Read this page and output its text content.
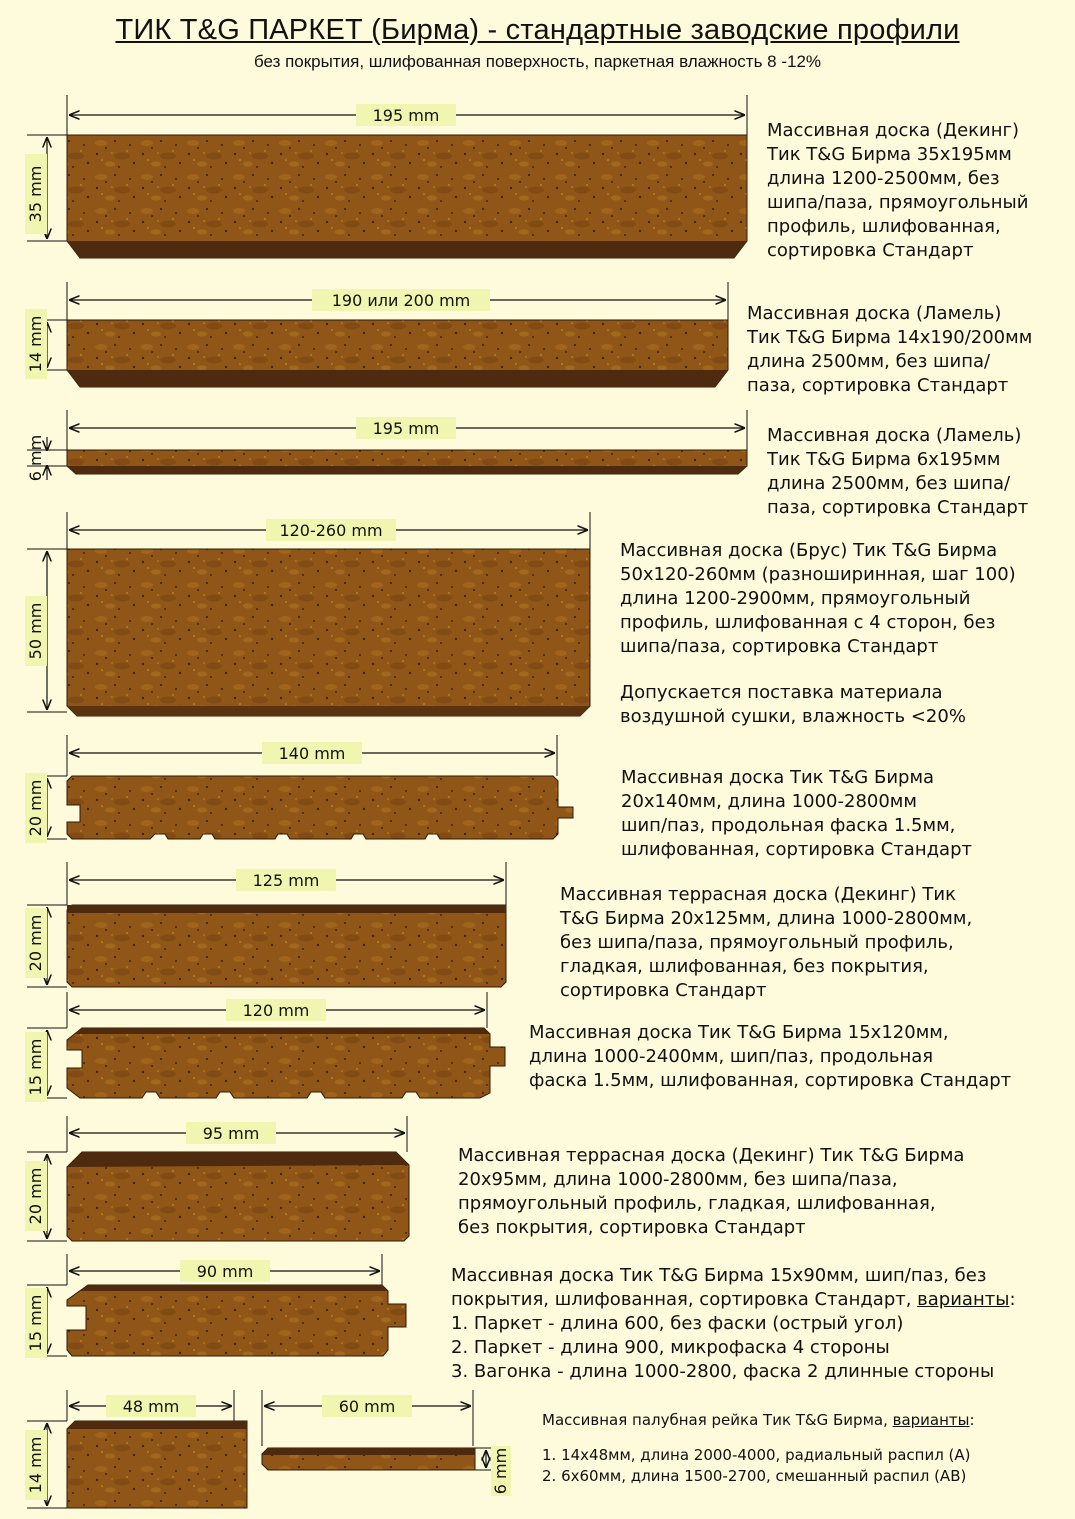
ТИК T&G ПАРКЕТ (Бирма) - стандартные заводские профили
без покрытия, шлифованная поверхность, паркетная влажность 8 -12%
195 mm
35 mm
190 или 200 mm
14 mm
195 mm
6 mm
120-260 mm
50 mm
140 mm
20 mm
125 mm
20 mm
120 mm
15 mm
95 mm
20 mm
90 mm
15 mm
48 mm	60 mm
14 mm	6 mm
Массивная доска (Декинг)
Тик T&G Бирма 35х195мм
длина 1200-2500мм, без
шипа/паза, прямоугольный
профиль, шлифованная,
сортировка Стандарт
Массивная доска (Ламель)
Тик T&G Бирма 14х190/200мм
длина 2500мм, без шипа/
паза, сортировка Стандарт
Массивная доска (Ламель)
Тик T&G Бирма 6х195мм
длина 2500мм, без шипа/
паза, сортировка Стандарт
Массивная доска (Брус) Тик T&G Бирма
50х120-260мм (разноширинная, шаг 100)
длина 1200-2900мм, прямоугольный
профиль, шлифованная с 4 сторон, без
шипа/паза, сортировка Стандарт
Допускается поставка материала
воздушной сушки, влажность <20%
Массивная доска Тик T&G Бирма
20х140мм, длина 1000-2800мм
шип/паз, продольная фаска 1.5мм,
шлифованная, сортировка Стандарт
Массивная террасная доска (Декинг) Тик
T&G Бирма 20х125мм, длина 1000-2800мм,
без шипа/паза, прямоугольный профиль,
гладкая, шлифованная, без покрытия,
сортировка Стандарт
Массивная доска Тик T&G Бирма 15х120мм,
длина 1000-2400мм, шип/паз, продольная
фаска 1.5мм, шлифованная, сортировка Стандарт
Массивная террасная доска (Декинг) Тик T&G Бирма
20х95мм, длина 1000-2800мм, без шипа/паза,
прямоугольный профиль, гладкая, шлифованная,
без покрытия, сортировка Стандарт
Массивная доска Тик T&G Бирма 15х90мм, шип/паз, без
покрытия, шлифованная, сортировка Стандарт, варианты:
1. Паркет - длина 600, без фаски (острый угол)
2. Паркет - длина 900, микрофаска 4 стороны
3. Вагонка - длина 1000-2800, фаска 2 длинные стороны
Массивная палубная рейка Тик T&G Бирма, варианты:
1. 14х48мм, длина 2000-4000, радиальный распил (А)
2. 6х60мм, длина 1500-2700, смешанный распил (АВ)
